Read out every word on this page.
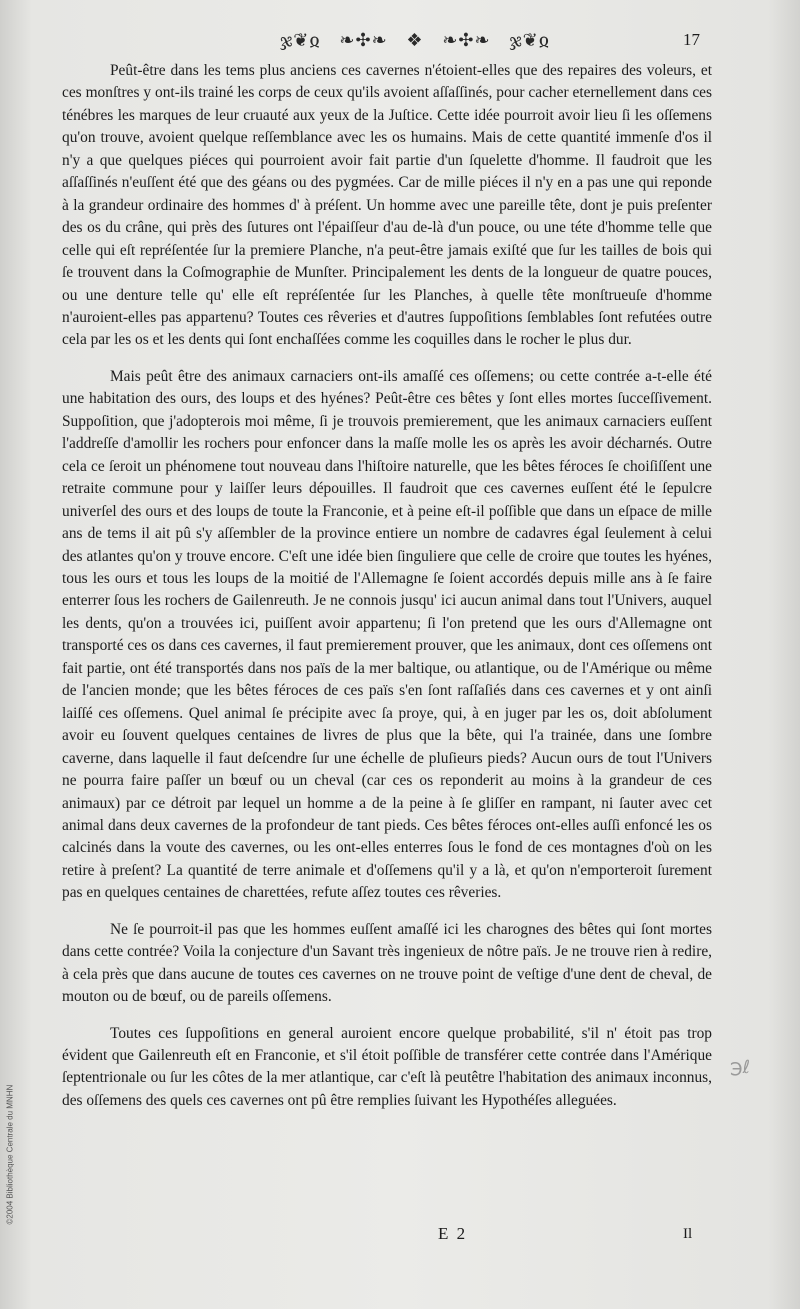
ჯ❦ჲ ❧✣❧ ❖ ❧✣❧ ჯ❦ჲ	17

Peût-être dans les tems plus anciens ces cavernes n'étoient-elles que des repaires des voleurs, et ces monſtres y ont-ils trainé les corps de ceux qu'ils avoient aſſaſſinés, pour cacher eternellement dans ces ténébres les marques de leur cruauté aux yeux de la Juſtice. Cette idée pourroit avoir lieu ſi les oſſemens qu'on trouve, avoient quelque reſſemblance avec les os humains. Mais de cette quantité immenſe d'os il n'y a que quelques piéces qui pourroient avoir fait partie d'un ſquelette d'homme. Il faudroit que les aſſaſſinés n'euſſent été que des géans ou des pygmées. Car de mille piéces il n'y en a pas une qui reponde à la grandeur ordinaire des hommes d' à préſent. Un homme avec une pareille tête, dont je puis preſenter des os du crâne, qui près des ſutures ont l'épaiſſeur d'au de-là d'un pouce, ou une téte d'homme telle que celle qui eſt repréſentée ſur la premiere Planche, n'a peut-être jamais exiſté que ſur les tailles de bois qui ſe trouvent dans la Coſmographie de Munſter. Principalement les dents de la longueur de quatre pouces, ou une denture telle qu' elle eſt repréſentée ſur les Planches, à quelle tête monſtrueuſe d'homme n'auroient-elles pas appartenu? Toutes ces rêveries et d'autres ſuppoſitions ſemblables ſont refutées outre cela par les os et les dents qui ſont enchaſſées comme les coquilles dans le rocher le plus dur.

Mais peût être des animaux carnaciers ont-ils amaſſé ces oſſemens; ou cette contrée a-t-elle été une habitation des ours, des loups et des hyénes? Peût-être ces bêtes y ſont elles mortes ſucceſſivement. Suppoſition, que j'adopterois moi même, ſi je trouvois premierement, que les animaux carnaciers euſſent l'addreſſe d'amollir les rochers pour enfoncer dans la maſſe molle les os après les avoir décharnés. Outre cela ce ſeroit un phénomene tout nouveau dans l'hiſtoire naturelle, que les bêtes féroces ſe choiſiſſent une retraite commune pour y laiſſer leurs dépouilles. Il faudroit que ces cavernes euſſent été le ſepulcre univerſel des ours et des loups de toute la Franconie, et à peine eſt-il poſſible que dans un eſpace de mille ans de tems il ait pû s'y aſſembler de la province entiere un nombre de cadavres égal ſeulement à celui des atlantes qu'on y trouve encore. C'eſt une idée bien ſinguliere que celle de croire que toutes les hyénes, tous les ours et tous les loups de la moitié de l'Allemagne ſe ſoient accordés depuis mille ans à ſe faire enterrer ſous les rochers de Gailenreuth. Je ne connois jusqu' ici aucun animal dans tout l'Univers, auquel les dents, qu'on a trouvées ici, puiſſent avoir appartenu; ſi l'on pretend que les ours d'Allemagne ont transporté ces os dans ces cavernes, il faut premierement prouver, que les animaux, dont ces oſſemens ont fait partie, ont été transportés dans nos païs de la mer baltique, ou atlantique, ou de l'Amérique ou même de l'ancien monde; que les bêtes féroces de ces païs s'en ſont raſſaſiés dans ces cavernes et y ont ainſi laiſſé ces oſſemens. Quel animal ſe précipite avec ſa proye, qui, à en juger par les os, doit abſolument avoir eu ſouvent quelques centaines de livres de plus que la bête, qui l'a trainée, dans une ſombre caverne, dans laquelle il faut deſcendre ſur une échelle de pluſieurs pieds? Aucun ours de tout l'Univers ne pourra faire paſſer un bœuf ou un cheval (car ces os reponderit au moins à la grandeur de ces animaux) par ce détroit par lequel un homme a de la peine à ſe gliſſer en rampant, ni ſauter avec cet animal dans deux cavernes de la profondeur de tant pieds. Ces bêtes féroces ont-elles auſſi enfoncé les os calcinés dans la voute des cavernes, ou les ont-elles enterres ſous le fond de ces montagnes d'où on les retire à preſent? La quantité de terre animale et d'oſſemens qu'il y a là, et qu'on n'emporteroit ſurement pas en quelques centaines de charettées, refute aſſez toutes ces rêveries.

Ne ſe pourroit-il pas que les hommes euſſent amaſſé ici les charognes des bêtes qui ſont mortes dans cette contrée? Voila la conjecture d'un Savant très ingenieux de nôtre païs. Je ne trouve rien à redire, à cela près que dans aucune de toutes ces cavernes on ne trouve point de veſtige d'une dent de cheval, de mouton ou de bœuf, ou de pareils oſſemens.

Toutes ces ſuppoſitions en general auroient encore quelque probabilité, s'il n' étoit pas trop évident que Gailenreuth eſt en Franconie, et s'il étoit poſſible de transférer cette contrée dans l'Amérique ſeptentrionale ou ſur les côtes de la mer atlantique, car c'eſt là peutêtre l'habitation des animaux inconnus, des oſſemens des quels ces cavernes ont pû être remplies ſuivant les Hypothéſes alleguées.

℈ℓ
E 2	Il
©2004 Bibliothèque Centrale du MNHN
